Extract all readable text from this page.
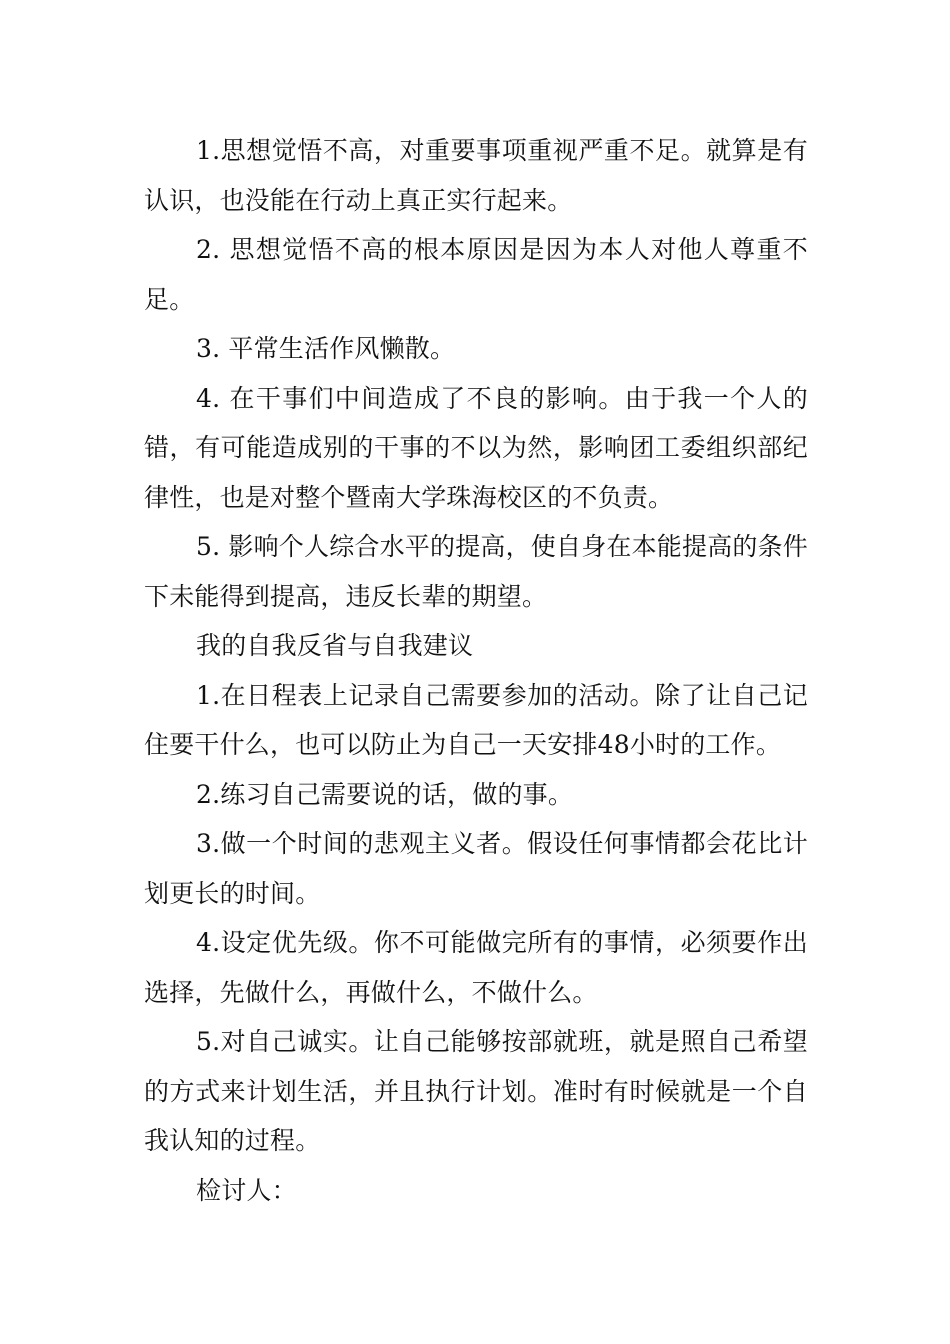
1.思想觉悟不高，对重要事项重视严重不足。就算是有认识，也没能在行动上真正实行起来。

2. 思想觉悟不高的根本原因是因为本人对他人尊重不足。

3. 平常生活作风懒散。

4. 在干事们中间造成了不良的影响。由于我一个人的错，有可能造成别的干事的不以为然，影响团工委组织部纪律性，也是对整个暨南大学珠海校区的不负责。

5. 影响个人综合水平的提高，使自身在本能提高的条件下未能得到提高，违反长辈的期望。

我的自我反省与自我建议

1.在日程表上记录自己需要参加的活动。除了让自己记住要干什么，也可以防止为自己一天安排48小时的工作。

2.练习自己需要说的话，做的事。

3.做一个时间的悲观主义者。假设任何事情都会花比计划更长的时间。

4.设定优先级。你不可能做完所有的事情，必须要作出选择，先做什么，再做什么，不做什么。

5.对自己诚实。让自己能够按部就班，就是照自己希望的方式来计划生活，并且执行计划。准时有时候就是一个自我认知的过程。

检讨人：
